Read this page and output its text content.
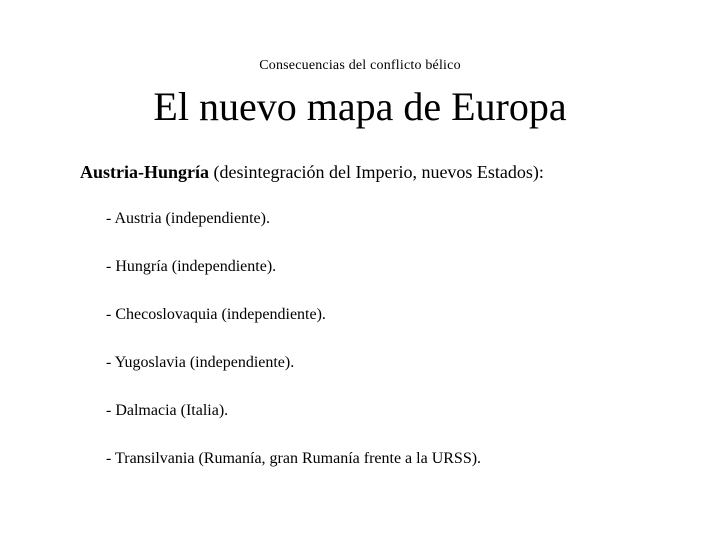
Consecuencias del conflicto bélico
El nuevo mapa de Europa
Austria-Hungría (desintegración del Imperio, nuevos Estados):
- Austria (independiente).
- Hungría (independiente).
- Checoslovaquia (independiente).
- Yugoslavia (independiente).
- Dalmacia (Italia).
- Transilvania (Rumanía, gran Rumanía frente a la URSS).
